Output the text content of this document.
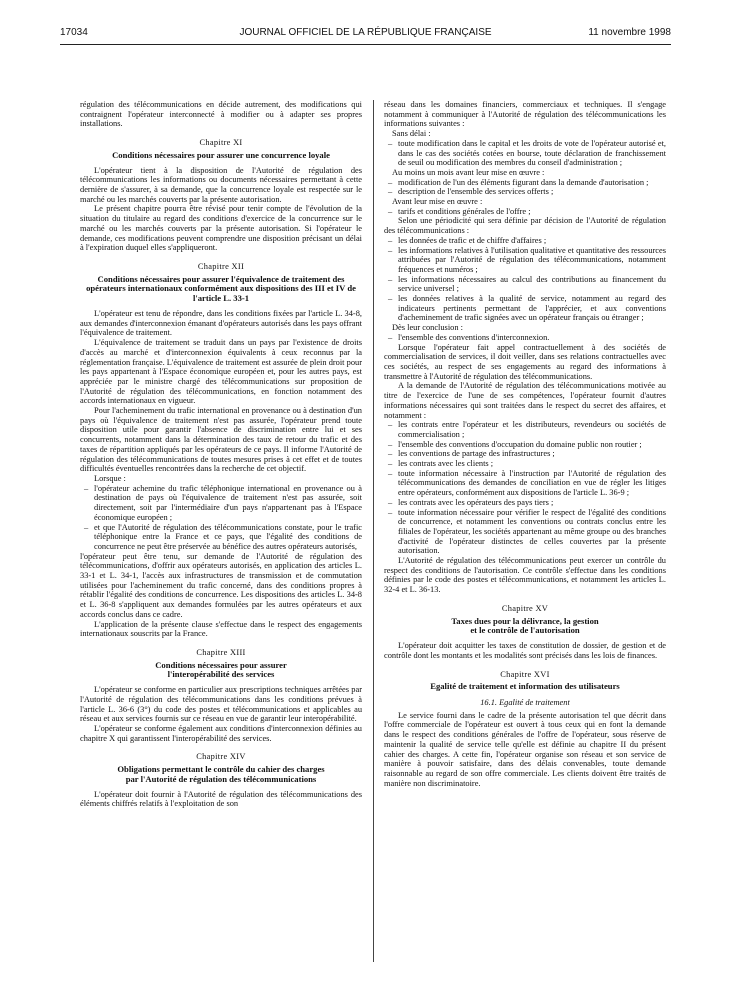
17034	JOURNAL OFFICIEL DE LA RÉPUBLIQUE FRANÇAISE	11 novembre 1998

régulation des télécommunications en décide autrement, des modifications qui contraignent l'opérateur interconnecté à modifier ou à adapter ses propres installations.

Chapitre XI
Conditions nécessaires pour assurer une concurrence loyale

L'opérateur tient à la disposition de l'Autorité de régulation des télécommunications les informations ou documents nécessaires permettant à cette dernière de s'assurer, à sa demande, que la concurrence loyale est respectée sur le marché ou les marchés couverts par la présente autorisation.

Le présent chapitre pourra être révisé pour tenir compte de l'évolution de la situation du titulaire au regard des conditions d'exercice de la concurrence sur le marché ou les marchés couverts par la présente autorisation. Si l'opérateur le demande, ces modifications peuvent comprendre une disposition précisant un délai à l'expiration duquel elles s'appliqueront.

Chapitre XII
Conditions nécessaires pour assurer l'équivalence de traitement des opérateurs internationaux conformément aux dispositions des III et IV de l'article L. 33-1

L'opérateur est tenu de répondre, dans les conditions fixées par l'article L. 34-8, aux demandes d'interconnexion émanant d'opérateurs autorisés dans les pays offrant l'équivalence de traitement.

L'équivalence de traitement se traduit dans un pays par l'existence de droits d'accès au marché et d'interconnexion équivalents à ceux reconnus par la réglementation française. L'équivalence de traitement est assurée de plein droit pour les pays appartenant à l'Espace économique européen et, pour les autres pays, est appréciée par le ministre chargé des télécommunications sur proposition de l'Autorité de régulation des télécommunications, en fonction notamment des accords internationaux en vigueur.

Pour l'acheminement du trafic international en provenance ou à destination d'un pays où l'équivalence de traitement n'est pas assurée, l'opérateur prend toute disposition utile pour garantir l'absence de discrimination entre lui et ses concurrents, notamment dans la détermination des taux de retour du trafic et des taxes de répartition appliqués par les opérateurs de ce pays. Il informe l'Autorité de régulation des télécommunications de toutes mesures prises à cet effet et de toutes difficultés éventuelles rencontrées dans la recherche de cet objectif.

Lorsque :

– l'opérateur achemine du trafic téléphonique international en provenance ou à destination de pays où l'équivalence de traitement n'est pas assurée, soit directement, soit par l'intermédiaire d'un pays n'appartenant pas à l'Espace économique européen ;
– et que l'Autorité de régulation des télécommunications constate, pour le trafic téléphonique entre la France et ce pays, que l'égalité des conditions de concurrence ne peut être préservée au bénéfice des autres opérateurs autorisés,

l'opérateur peut être tenu, sur demande de l'Autorité de régulation des télécommunications, d'offrir aux opérateurs autorisés, en application des articles L. 33-1 et L. 34-1, l'accès aux infrastructures de transmission et de commutation utilisées pour l'acheminement du trafic concerné, dans des conditions propres à rétablir l'égalité des conditions de concurrence. Les dispositions des articles L. 34-8 et L. 36-8 s'appliquent aux demandes formulées par les autres opérateurs et aux accords conclus dans ce cadre.

L'application de la présente clause s'effectue dans le respect des engagements internationaux souscrits par la France.

Chapitre XIII
Conditions nécessaires pour assurer
l'interopérabilité des services

L'opérateur se conforme en particulier aux prescriptions techniques arrêtées par l'Autorité de régulation des télécommunications dans les conditions prévues à l'article L. 36-6 (3°) du code des postes et télécommunications et applicables au réseau et aux services fournis sur ce réseau en vue de garantir leur interopérabilité.

L'opérateur se conforme également aux conditions d'interconnexion définies au chapitre X qui garantissent l'interopérabilité des services.

Chapitre XIV
Obligations permettant le contrôle du cahier des charges
par l'Autorité de régulation des télécommunications

L'opérateur doit fournir à l'Autorité de régulation des télécommunications des éléments chiffrés relatifs à l'exploitation de son

réseau dans les domaines financiers, commerciaux et techniques. Il s'engage notamment à communiquer à l'Autorité de régulation des télécommunications les informations suivantes :

Sans délai :

– toute modification dans le capital et les droits de vote de l'opérateur autorisé et, dans le cas des sociétés cotées en bourse, toute déclaration de franchissement de seuil ou modification des membres du conseil d'administration ;

Au moins un mois avant leur mise en œuvre :

– modification de l'un des éléments figurant dans la demande d'autorisation ;
– description de l'ensemble des services offerts ;

Avant leur mise en œuvre :

– tarifs et conditions générales de l'offre ;

Selon une périodicité qui sera définie par décision de l'Autorité de régulation des télécommunications :

– les données de trafic et de chiffre d'affaires ;
– les informations relatives à l'utilisation qualitative et quantitative des ressources attribuées par l'Autorité de régulation des télécommunications, notamment fréquences et numéros ;
– les informations nécessaires au calcul des contributions au financement du service universel ;
– les données relatives à la qualité de service, notamment au regard des indicateurs pertinents permettant de l'apprécier, et aux conventions d'acheminement de trafic signées avec un opérateur français ou étranger ;

Dès leur conclusion :

– l'ensemble des conventions d'interconnexion.

Lorsque l'opérateur fait appel contractuellement à des sociétés de commercialisation de services, il doit veiller, dans ses relations contractuelles avec ces sociétés, au respect de ses engagements au regard des informations à transmettre à l'Autorité de régulation des télécommunications.

A la demande de l'Autorité de régulation des télécommunications motivée au titre de l'exercice de l'une de ses compétences, l'opérateur fournit d'autres informations nécessaires qui sont traitées dans le respect du secret des affaires, et notamment :

– les contrats entre l'opérateur et les distributeurs, revendeurs ou sociétés de commercialisation ;
– l'ensemble des conventions d'occupation du domaine public non routier ;
– les conventions de partage des infrastructures ;
– les contrats avec les clients ;
– toute information nécessaire à l'instruction par l'Autorité de régulation des télécommunications des demandes de conciliation en vue de régler les litiges entre opérateurs, conformément aux dispositions de l'article L. 36-9 ;
– les contrats avec les opérateurs des pays tiers ;
– toute information nécessaire pour vérifier le respect de l'égalité des conditions de concurrence, et notamment les conventions ou contrats conclus entre les filiales de l'opérateur, les sociétés appartenant au même groupe ou des branches d'activité de l'opérateur distinctes de celles couvertes par la présente autorisation.

L'Autorité de régulation des télécommunications peut exercer un contrôle du respect des conditions de l'autorisation. Ce contrôle s'effectue dans les conditions définies par le code des postes et télécommunications, et notamment les articles L. 32-4 et L. 36-13.

Chapitre XV
Taxes dues pour la délivrance, la gestion
et le contrôle de l'autorisation

L'opérateur doit acquitter les taxes de constitution de dossier, de gestion et de contrôle dont les montants et les modalités sont précisés dans les lois de finances.

Chapitre XVI
Egalité de traitement et information des utilisateurs
16.1. Egalité de traitement

Le service fourni dans le cadre de la présente autorisation tel que décrit dans l'offre commerciale de l'opérateur est ouvert à tous ceux qui en font la demande dans le respect des conditions générales de l'offre de l'opérateur, sous réserve de maintenir la qualité de service telle qu'elle est définie au chapitre II du présent cahier des charges. A cette fin, l'opérateur organise son réseau et son service de manière à pouvoir satisfaire, dans des délais convenables, toute demande raisonnable au regard de son offre commerciale. Les clients doivent être traités de manière non discriminatoire.
